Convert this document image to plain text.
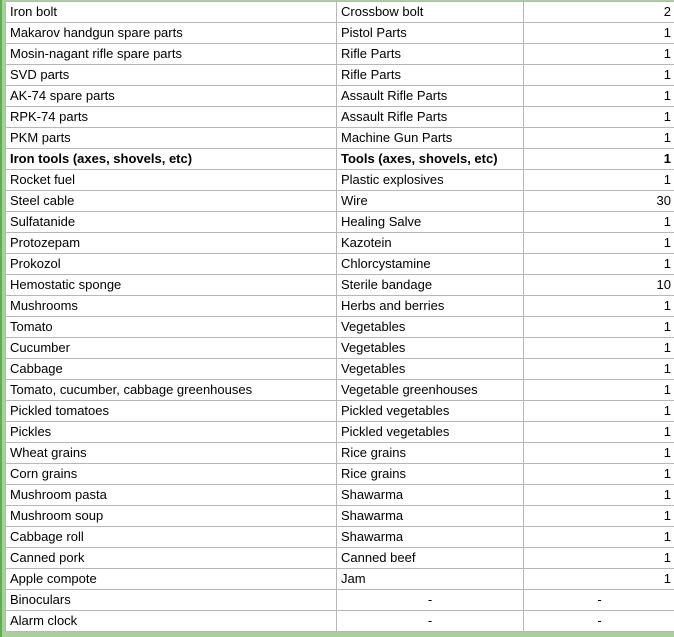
Iron bolt	Crossbow bolt	2
Makarov handgun spare parts	Pistol Parts	1
Mosin-nagant rifle spare parts	Rifle Parts	1
SVD parts	Rifle Parts	1
AK-74 spare parts	Assault Rifle Parts	1
RPK-74 parts	Assault Rifle Parts	1
PKM parts	Machine Gun Parts	1
Iron tools (axes, shovels, etc)	Tools (axes, shovels, etc)	1
Rocket fuel	Plastic explosives	1
Steel cable	Wire	30
Sulfatanide	Healing Salve	1
Protozepam	Kazotein	1
Prokozol	Chlorcystamine	1
Hemostatic sponge	Sterile bandage	10
Mushrooms	Herbs and berries	1
Tomato	Vegetables	1
Cucumber	Vegetables	1
Cabbage	Vegetables	1
Tomato, cucumber, cabbage greenhouses	Vegetable greenhouses	1
Pickled tomatoes	Pickled vegetables	1
Pickles	Pickled vegetables	1
Wheat grains	Rice grains	1
Corn grains	Rice grains	1
Mushroom pasta	Shawarma	1
Mushroom soup	Shawarma	1
Cabbage roll	Shawarma	1
Canned pork	Canned beef	1
Apple compote	Jam	1
Binoculars	-	-
Alarm clock	-	-
